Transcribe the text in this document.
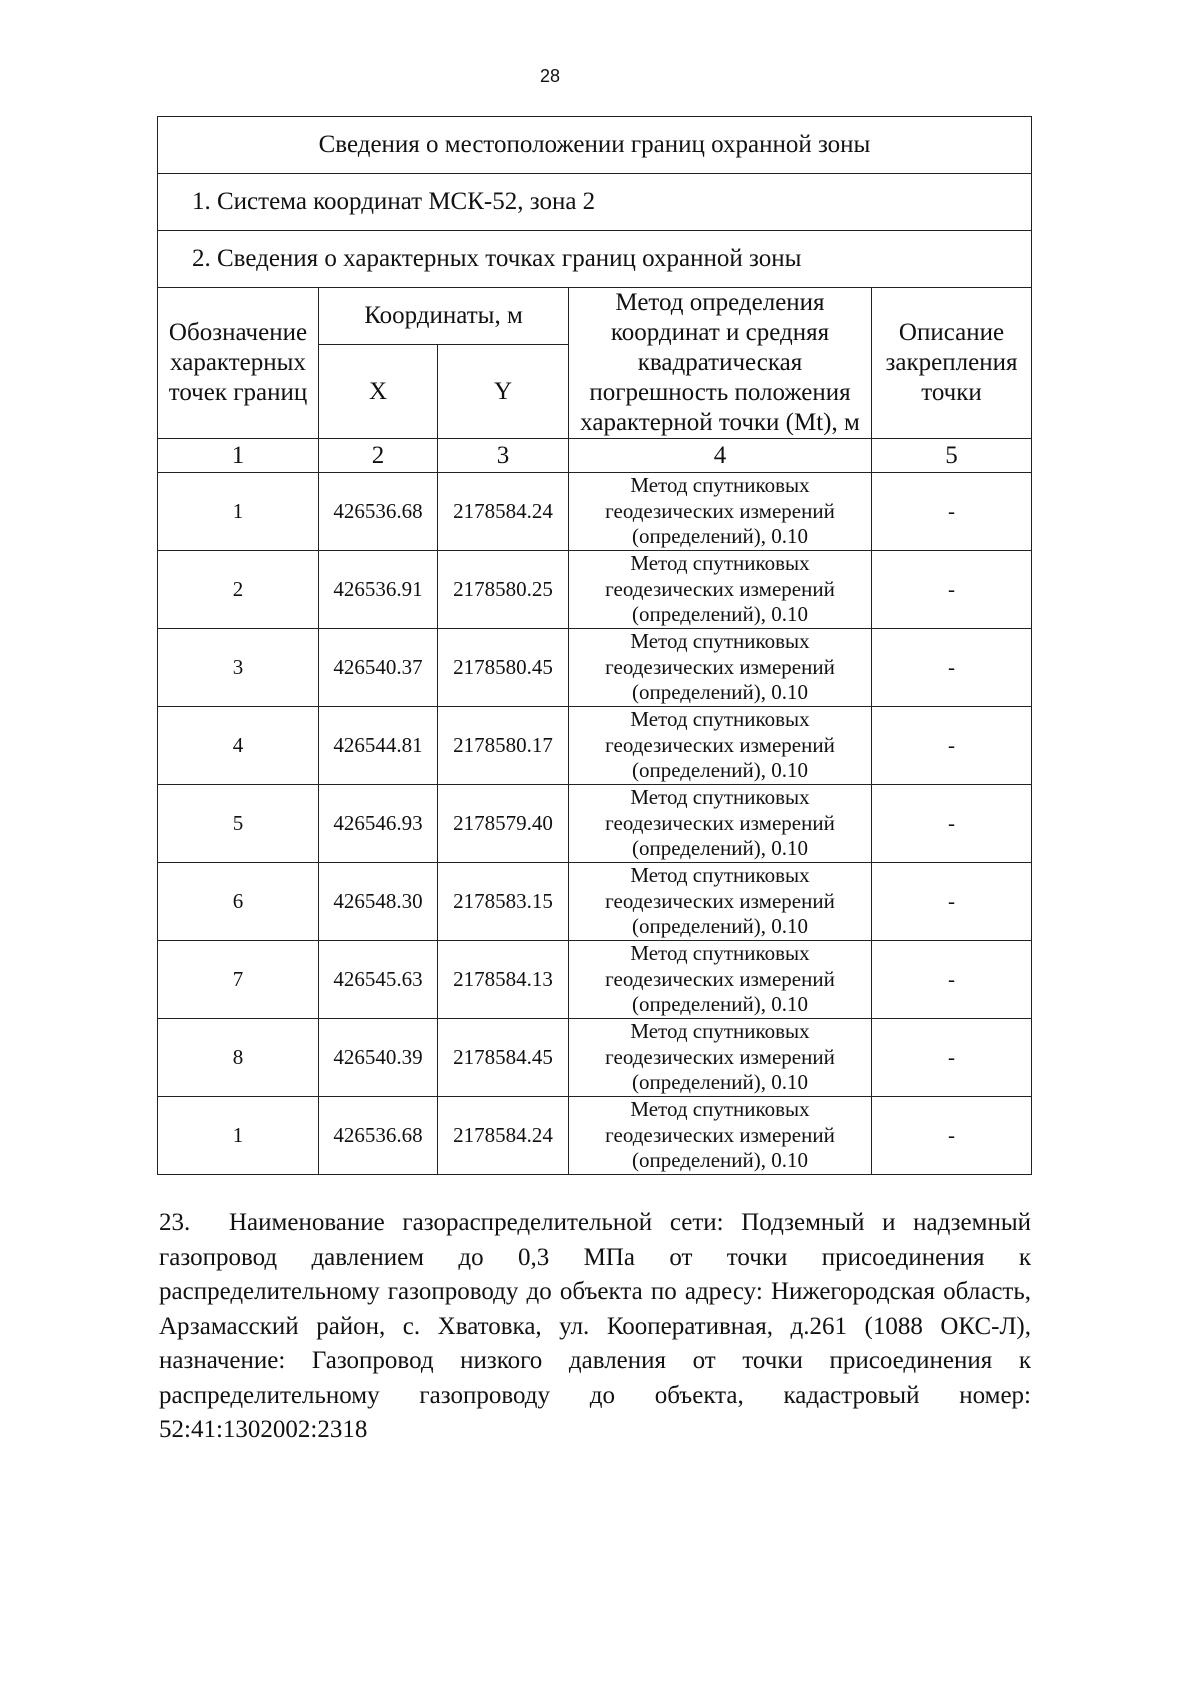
28
Сведения о местоположении границ охранной зоны				
1. Система координат МСК-52, зона 2				
2. Сведения о характерных точках границ охранной зоны				
Обозначение характерных точек границ	Координаты, м		Метод определения координат и средняя квадратическая погрешность положения характерной точки (Mt), м	Описание закрепления точки
	X	Y		
1	2	3	4	5
1	426536.68	2178584.24	Метод спутниковых геодезических измерений (определений), 0.10	-
2	426536.91	2178580.25	Метод спутниковых геодезических измерений (определений), 0.10	-
3	426540.37	2178580.45	Метод спутниковых геодезических измерений (определений), 0.10	-
4	426544.81	2178580.17	Метод спутниковых геодезических измерений (определений), 0.10	-
5	426546.93	2178579.40	Метод спутниковых геодезических измерений (определений), 0.10	-
6	426548.30	2178583.15	Метод спутниковых геодезических измерений (определений), 0.10	-
7	426545.63	2178584.13	Метод спутниковых геодезических измерений (определений), 0.10	-
8	426540.39	2178584.45	Метод спутниковых геодезических измерений (определений), 0.10	-
1	426536.68	2178584.24	Метод спутниковых геодезических измерений (определений), 0.10	-
23. Наименование газораспределительной сети: Подземный и надземный газопровод давлением до 0,3 МПа от точки присоединения к распределительному газопроводу до объекта по адресу: Нижегородская область, Арзамасский район, с. Хватовка, ул. Кооперативная, д.261 (1088 ОКС-Л), назначение: Газопровод низкого давления от точки присоединения к распределительному газопроводу до объекта, кадастровый номер: 52:41:1302002:2318
